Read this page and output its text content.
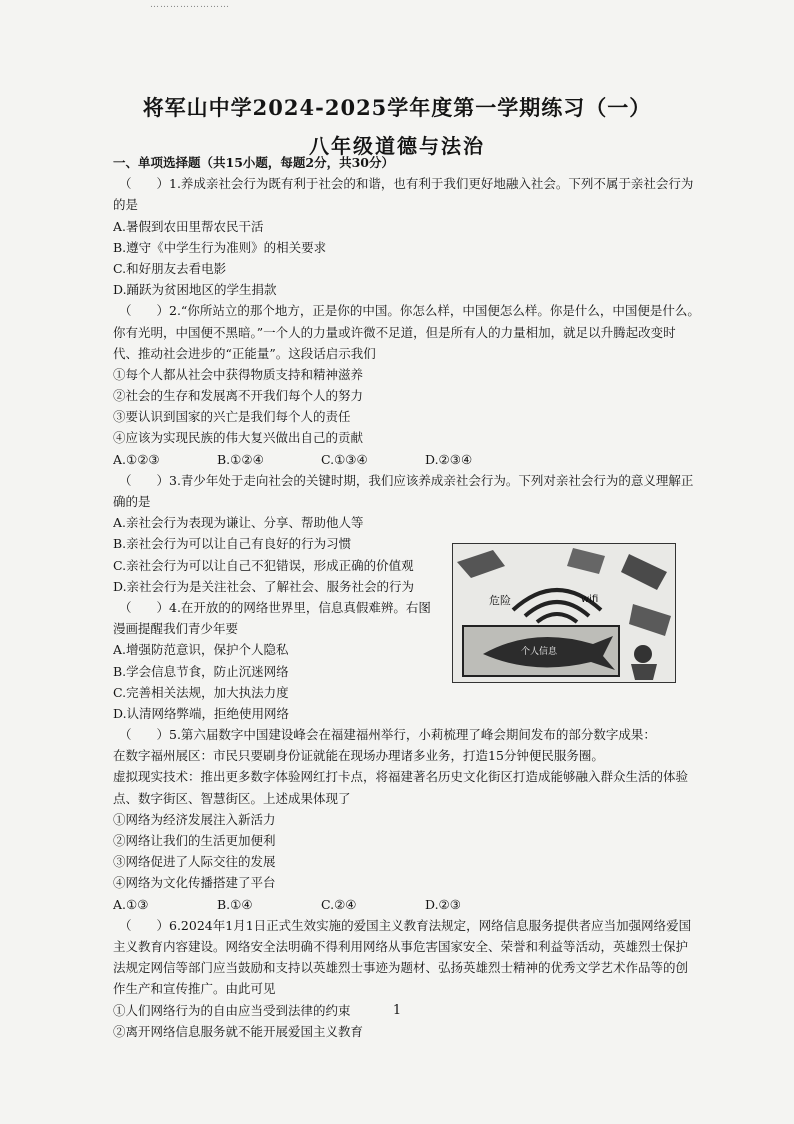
……………………
将军山中学2024-2025学年度第一学期练习（一）
八年级道德与法治
一、单项选择题（共15小题，每题2分，共30分）
（　　）1.养成亲社会行为既有利于社会的和谐，也有利于我们更好地融入社会。下列不属于亲社会行为
的是
A.暑假到农田里帮农民干活
B.遵守《中学生行为准则》的相关要求
C.和好朋友去看电影
D.踊跃为贫困地区的学生捐款
（　　）2.“你所站立的那个地方，正是你的中国。你怎么样，中国便怎么样。你是什么，中国便是什么。
你有光明，中国便不黑暗。”一个人的力量或许微不足道，但是所有人的力量相加，就足以升腾起改变时
代、推动社会进步的“正能量”。这段话启示我们
①每个人都从社会中获得物质支持和精神滋养
②社会的生存和发展离不开我们每个人的努力
③要认识到国家的兴亡是我们每个人的责任
④应该为实现民族的伟大复兴做出自己的贡献
A.①②③	B.①②④	C.①③④	D.②③④
（　　）3.青少年处于走向社会的关键时期，我们应该养成亲社会行为。下列对亲社会行为的意义理解正
确的是
A.亲社会行为表现为谦让、分享、帮助他人等
B.亲社会行为可以让自己有良好的行为习惯
C.亲社会行为可以让自己不犯错误，形成正确的价值观
D.亲社会行为是关注社会、了解社会、服务社会的行为
（　　）4.在开放的的网络世界里，信息真假难辨。右图
漫画提醒我们青少年要
A.增强防范意识，保护个人隐私
B.学会信息节食，防止沉迷网络
C.完善相关法规，加大执法力度
D.认清网络弊端，拒绝使用网络
（　　）5.第六届数字中国建设峰会在福建福州举行，小莉梳理了峰会期间发布的部分数字成果：
在数字福州展区：市民只要刷身份证就能在现场办理诸多业务，打造15分钟便民服务圈。
虚拟现实技术：推出更多数字体验网红打卡点，将福建著名历史文化街区打造成能够融入群众生活的体验
点、数字街区、智慧街区。上述成果体现了
①网络为经济发展注入新活力
②网络让我们的生活更加便利
③网络促进了人际交往的发展
④网络为文化传播搭建了平台
A.①③	B.①④	C.②④	D.②③
（　　）6.2024年1月1日正式生效实施的爱国主义教育法规定，网络信息服务提供者应当加强网络爱国
主义教育内容建设。网络安全法明确不得利用网络从事危害国家安全、荣誉和利益等活动，英雄烈士保护
法规定网信等部门应当鼓励和支持以英雄烈士事迹为题材、弘扬英雄烈士精神的优秀文学艺术作品等的创
作生产和宣传推广。由此可见
①人们网络行为的自由应当受到法律的约束
②离开网络信息服务就不能开展爱国主义教育
危险	wifi
个人信息
1
